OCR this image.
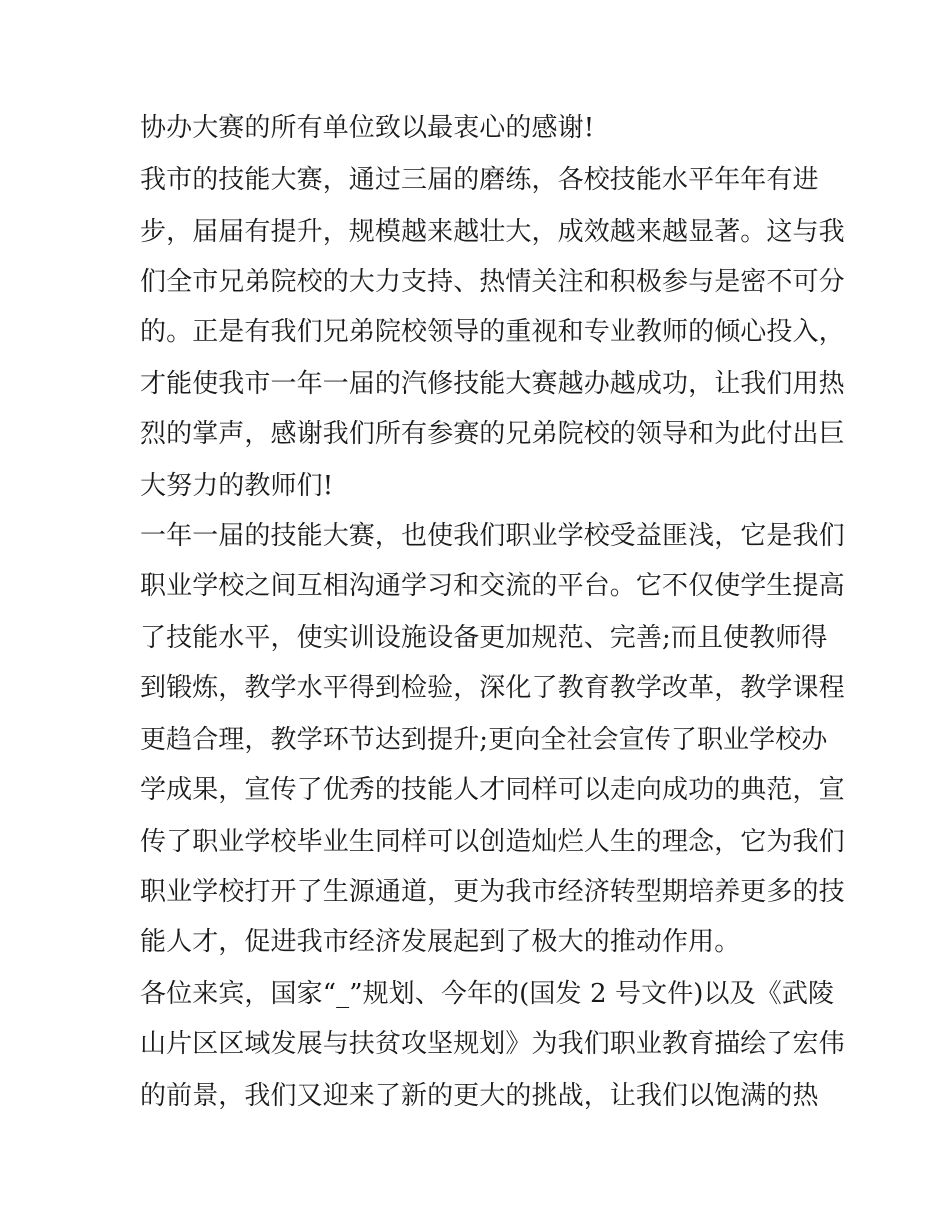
协办大赛的所有单位致以最衷心的感谢!
我市的技能大赛，通过三届的磨练，各校技能水平年年有进
步，届届有提升，规模越来越壮大，成效越来越显著。这与我
们全市兄弟院校的大力支持、热情关注和积极参与是密不可分
的。正是有我们兄弟院校领导的重视和专业教师的倾心投入，
才能使我市一年一届的汽修技能大赛越办越成功，让我们用热
烈的掌声，感谢我们所有参赛的兄弟院校的领导和为此付出巨
大努力的教师们!
一年一届的技能大赛，也使我们职业学校受益匪浅，它是我们
职业学校之间互相沟通学习和交流的平台。它不仅使学生提高
了技能水平，使实训设施设备更加规范、完善;而且使教师得
到锻炼，教学水平得到检验，深化了教育教学改革，教学课程
更趋合理，教学环节达到提升;更向全社会宣传了职业学校办
学成果，宣传了优秀的技能人才同样可以走向成功的典范，宣
传了职业学校毕业生同样可以创造灿烂人生的理念，它为我们
职业学校打开了生源通道，更为我市经济转型期培养更多的技
能人才，促进我市经济发展起到了极大的推动作用。
各位来宾，国家“_”规划、今年的(国发 2 号文件)以及《武陵
山片区区域发展与扶贫攻坚规划》为我们职业教育描绘了宏伟
的前景，我们又迎来了新的更大的挑战，让我们以饱满的热
